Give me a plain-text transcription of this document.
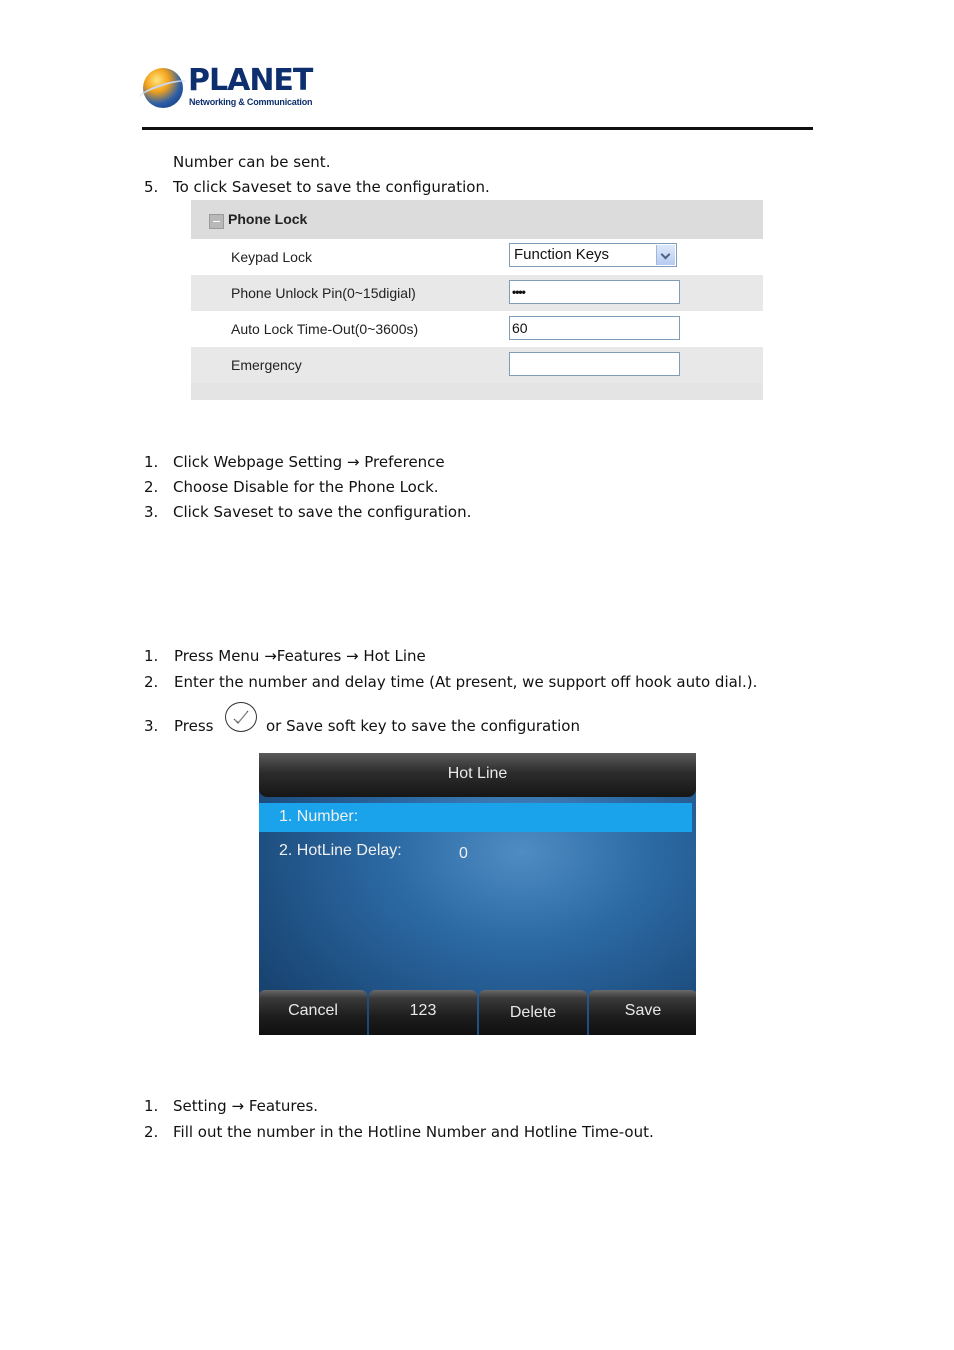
PLANET
Networking & Communication
Number can be sent.
5. To click Saveset to save the configuration.
Phone Lock
Keypad Lock	Function Keys
Phone Unlock Pin(0~15digial)	••••
Auto Lock Time-Out(0~3600s)	60
Emergency
1. Click Webpage Setting → Preference
2. Choose Disable for the Phone Lock.
3. Click Saveset to save the configuration.
1. Press Menu →Features → Hot Line
2. Enter the number and delay time (At present, we support off hook auto dial.).
3. Press	or Save soft key to save the configuration
Hot Line
1. Number:
2. HotLine Delay:	0
Cancel	123	Delete	Save
1. Setting → Features.
2. Fill out the number in the Hotline Number and Hotline Time-out.
